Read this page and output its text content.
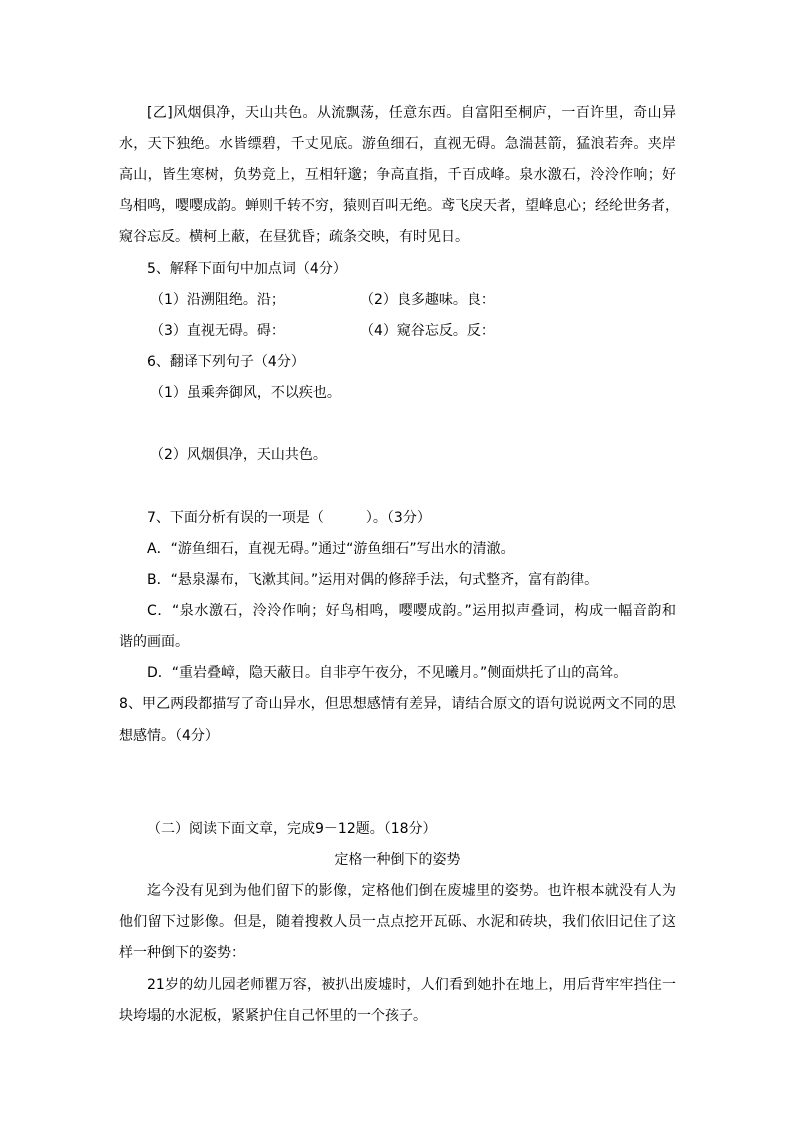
[乙]风烟俱净，天山共色。从流飘荡，任意东西。自富阳至桐庐，一百许里，奇山异
水，天下独绝。水皆缥碧，千丈见底。游鱼细石，直视无碍。急湍甚箭，猛浪若奔。夹岸
高山，皆生寒树，负势竞上，互相轩邈；争高直指，千百成峰。泉水激石，泠泠作响；好
鸟相鸣，嘤嘤成韵。蝉则千转不穷，猿则百叫无绝。鸢飞戾天者，望峰息心；经纶世务者，
窥谷忘反。横柯上蔽，在昼犹昏；疏条交映，有时见日。
5、解释下面句中加点词（4分）
（1）沿溯阻绝。沿；	（2）良多趣味。良：
（3）直视无碍。碍：	（4）窥谷忘反。反：
6、翻译下列句子（4分）
（1）虽乘奔御风，不以疾也。
（2）风烟俱净，天山共色。
7、下面分析有误的一项是（　　　）。（3分）
A．“游鱼细石，直视无碍。”通过“游鱼细石”写出水的清澈。
B．“悬泉瀑布，飞漱其间。”运用对偶的修辞手法，句式整齐，富有韵律。
C．“泉水激石，泠泠作响；好鸟相鸣，嘤嘤成韵。”运用拟声叠词，构成一幅音韵和
谐的画面。
D．“重岩叠嶂，隐天蔽日。自非亭午夜分，不见曦月。”侧面烘托了山的高耸。
8、甲乙两段都描写了奇山异水，但思想感情有差异，请结合原文的语句说说两文不同的思
想感情。（4分）
（二）阅读下面文章，完成9－12题。（18分）
定格一种倒下的姿势
迄今没有见到为他们留下的影像，定格他们倒在废墟里的姿势。也许根本就没有人为
他们留下过影像。但是，随着搜救人员一点点挖开瓦砾、水泥和砖块，我们依旧记住了这
样一种倒下的姿势：
21岁的幼儿园老师瞿万容，被扒出废墟时，人们看到她扑在地上，用后背牢牢挡住一
块垮塌的水泥板，紧紧护住自己怀里的一个孩子。
